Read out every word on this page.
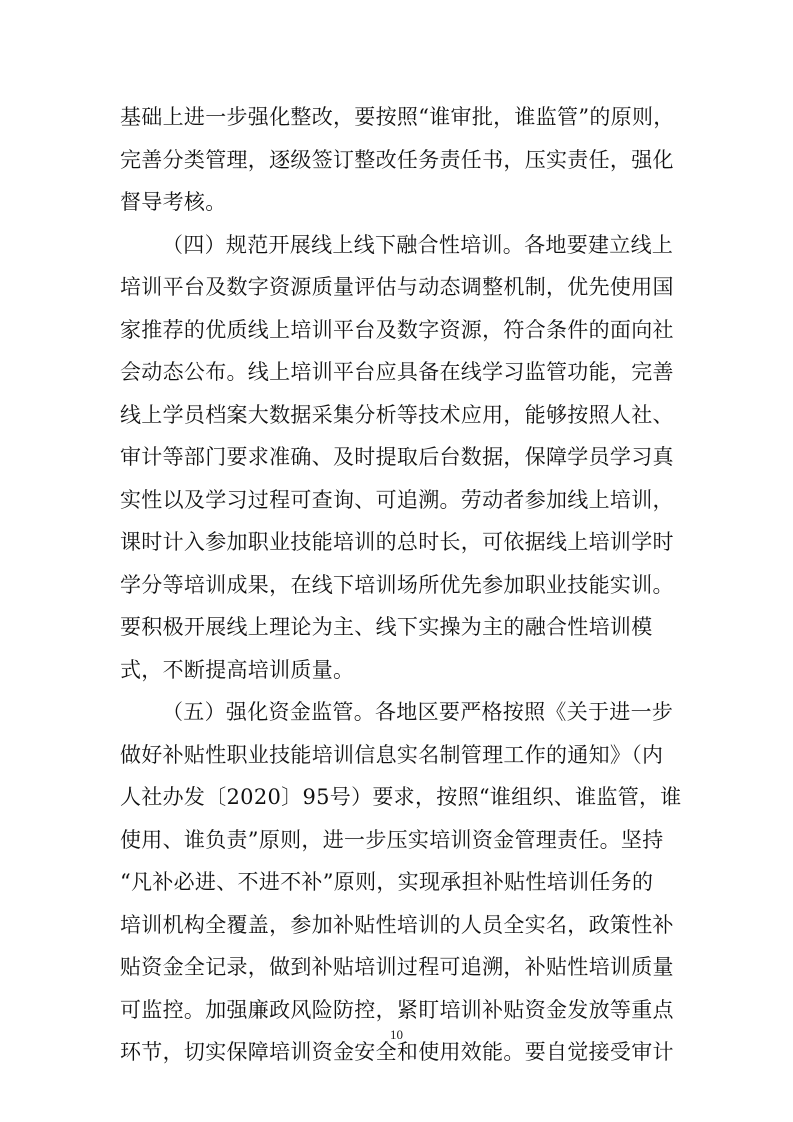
基础上进一步强化整改，要按照“谁审批，谁监管”的原则，
完善分类管理，逐级签订整改任务责任书，压实责任，强化
督导考核。
（四）规范开展线上线下融合性培训。各地要建立线上
培训平台及数字资源质量评估与动态调整机制，优先使用国
家推荐的优质线上培训平台及数字资源，符合条件的面向社
会动态公布。线上培训平台应具备在线学习监管功能，完善
线上学员档案大数据采集分析等技术应用，能够按照人社、
审计等部门要求准确、及时提取后台数据，保障学员学习真
实性以及学习过程可查询、可追溯。劳动者参加线上培训，
课时计入参加职业技能培训的总时长，可依据线上培训学时
学分等培训成果，在线下培训场所优先参加职业技能实训。
要积极开展线上理论为主、线下实操为主的融合性培训模
式，不断提高培训质量。
（五）强化资金监管。各地区要严格按照《关于进一步
做好补贴性职业技能培训信息实名制管理工作的通知》（内
人社办发〔2020〕95号）要求，按照“谁组织、谁监管，谁
使用、谁负责”原则，进一步压实培训资金管理责任。坚持
“凡补必进、不进不补”原则，实现承担补贴性培训任务的
培训机构全覆盖，参加补贴性培训的人员全实名，政策性补
贴资金全记录，做到补贴培训过程可追溯，补贴性培训质量
可监控。加强廉政风险防控，紧盯培训补贴资金发放等重点
环节，切实保障培训资金安全和使用效能。要自觉接受审计
10
